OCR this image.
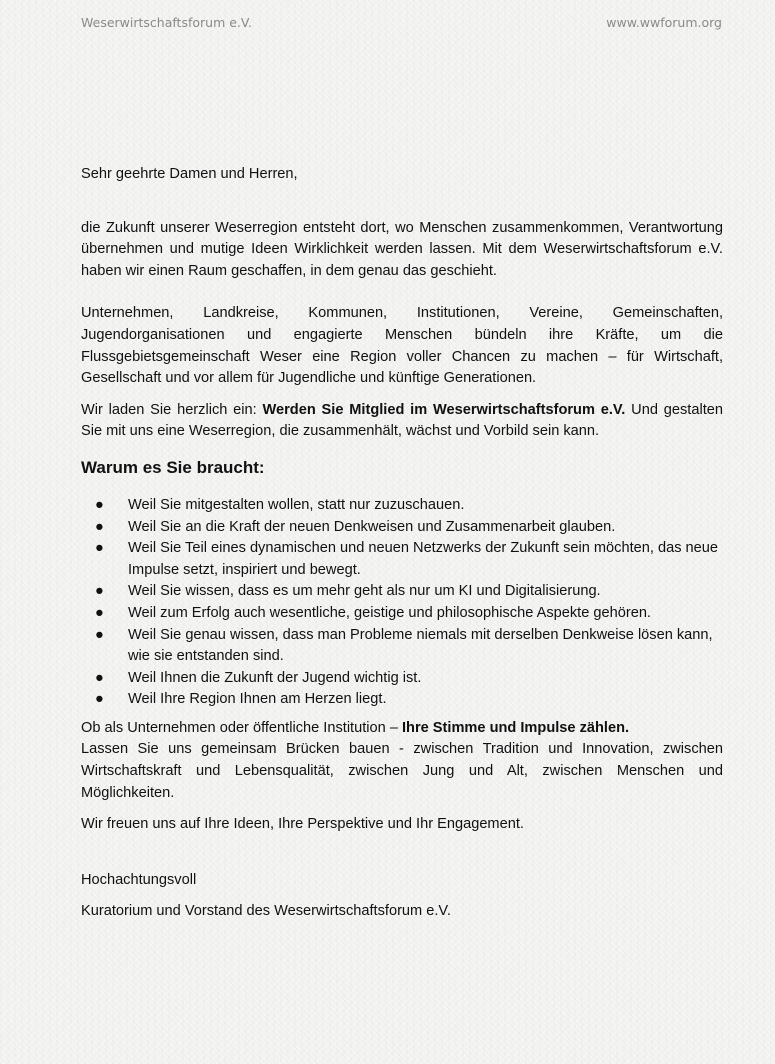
Weserwirtschaftsforum e.V.	www.wwforum.org

Sehr geehrte Damen und Herren,

die Zukunft unserer Weserregion entsteht dort, wo Menschen zusammenkommen, Verantwortung übernehmen und mutige Ideen Wirklichkeit werden lassen. Mit dem Weserwirtschaftsforum e.V. haben wir einen Raum geschaffen, in dem genau das geschieht.

Unternehmen, Landkreise, Kommunen, Institutionen, Vereine, Gemeinschaften, Jugendorganisationen und engagierte Menschen bündeln ihre Kräfte, um die Flussgebietsgemeinschaft Weser eine Region voller Chancen zu machen – für Wirtschaft, Gesellschaft und vor allem für Jugendliche und künftige Generationen.

Wir laden Sie herzlich ein: Werden Sie Mitglied im Weserwirtschaftsforum e.V. Und gestalten Sie mit uns eine Weserregion, die zusammenhält, wächst und Vorbild sein kann.

Warum es Sie braucht:
● Weil Sie mitgestalten wollen, statt nur zuzuschauen.
● Weil Sie an die Kraft der neuen Denkweisen und Zusammenarbeit glauben.
● Weil Sie Teil eines dynamischen und neuen Netzwerks der Zukunft sein möchten, das neue Impulse setzt, inspiriert und bewegt.
● Weil Sie wissen, dass es um mehr geht als nur um KI und Digitalisierung.
● Weil zum Erfolg auch wesentliche, geistige und philosophische Aspekte gehören.
● Weil Sie genau wissen, dass man Probleme niemals mit derselben Denkweise lösen kann, wie sie entstanden sind.
● Weil Ihnen die Zukunft der Jugend wichtig ist.
● Weil Ihre Region Ihnen am Herzen liegt.

Ob als Unternehmen oder öffentliche Institution – Ihre Stimme und Impulse zählen.

Lassen Sie uns gemeinsam Brücken bauen - zwischen Tradition und Innovation, zwischen Wirtschaftskraft und Lebensqualität, zwischen Jung und Alt, zwischen Menschen und Möglichkeiten.

Wir freuen uns auf Ihre Ideen, Ihre Perspektive und Ihr Engagement.

Hochachtungsvoll

Kuratorium und Vorstand des Weserwirtschaftsforum e.V.
